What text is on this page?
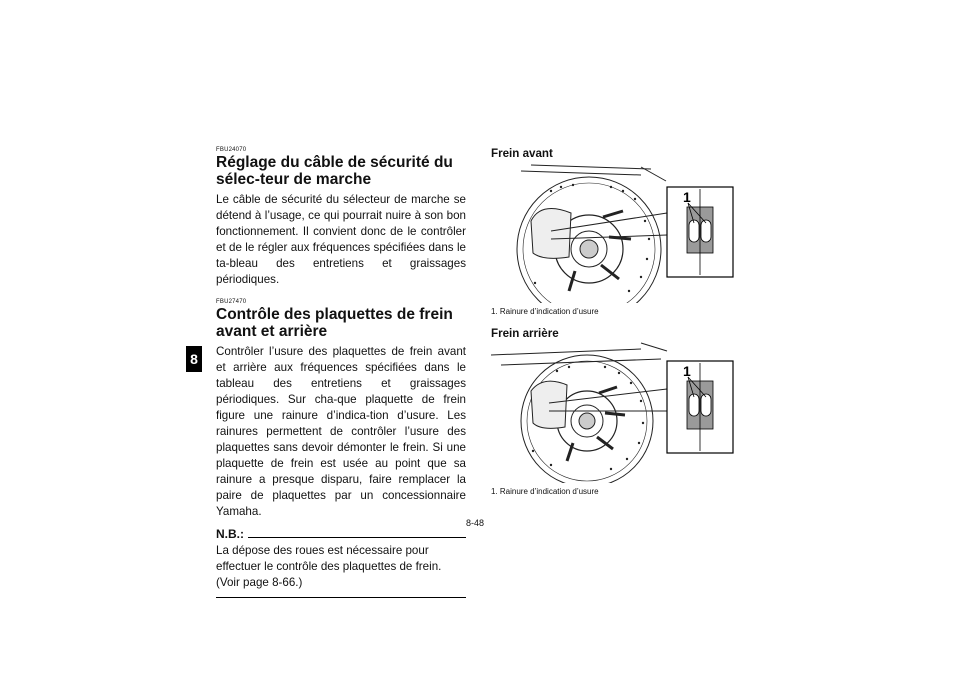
8
FBU24070
Réglage du câble de sécurité du sélec-teur de marche

Le câble de sécurité du sélecteur de marche se détend à l’usage, ce qui pourrait nuire à son bon fonctionnement. Il convient donc de le contrôler et de le régler aux fréquences spécifiées dans le ta-bleau des entretiens et graissages périodiques.

FBU27470
Contrôle des plaquettes de frein avant et arrière

Contrôler l’usure des plaquettes de frein avant et arrière aux fréquences spécifiées dans le tableau des entretiens et graissages périodiques. Sur cha-que plaquette de frein figure une rainure d’indica-tion d’usure. Les rainures permettent de contrôler l’usure des plaquettes sans devoir démonter le frein. Si une plaquette de frein est usée au point que sa rainure a presque disparu, faire remplacer la paire de plaquettes par un concessionnaire Yamaha.

N.B.:

La dépose des roues est nécessaire pour effectuer le contrôle des plaquettes de frein. (Voir page 8-66.)

Frein avant

1

1. Rainure d’indication d’usure

Frein arrière

1

1. Rainure d’indication d’usure

8-48
